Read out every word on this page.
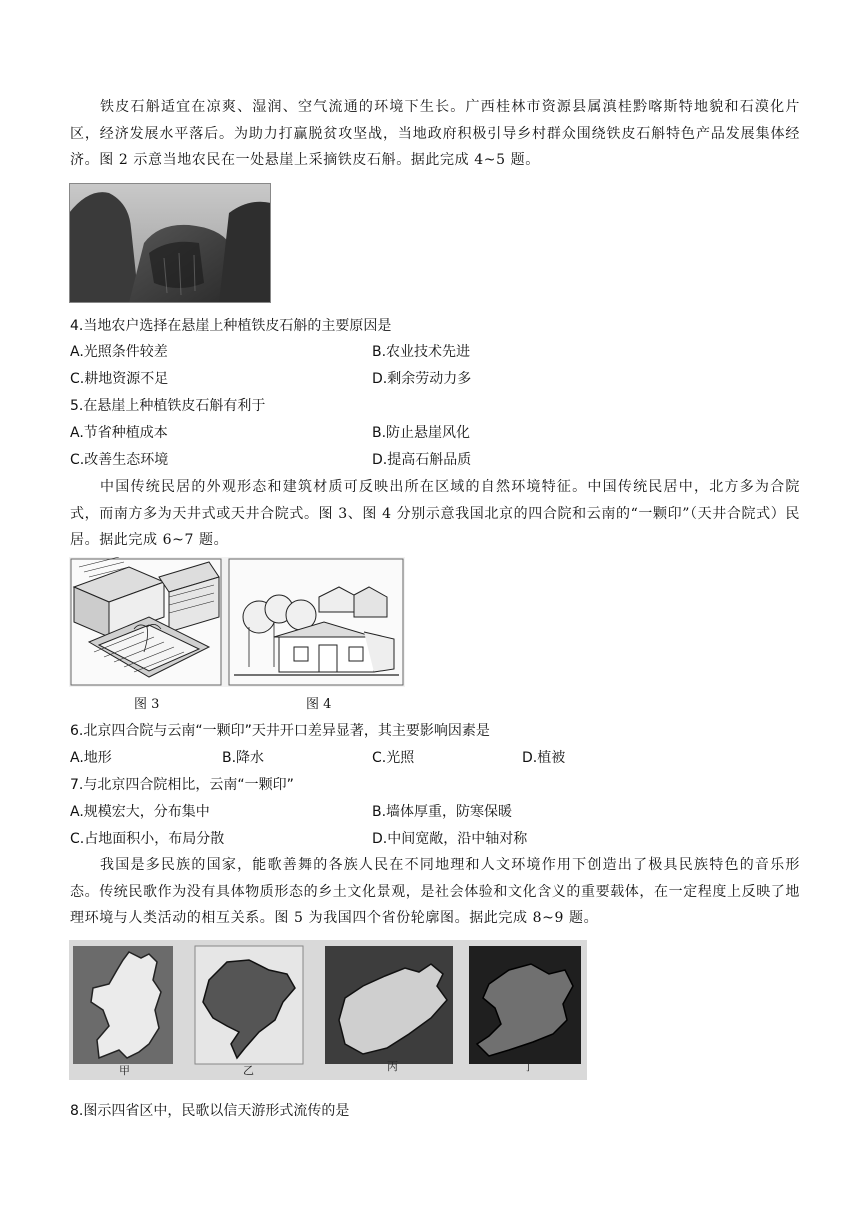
铁皮石斛适宜在凉爽、湿润、空气流通的环境下生长。广西桂林市资源县属滇桂黔喀斯特地貌和石漠化片区，经济发展水平落后。为助力打赢脱贫攻坚战，当地政府积极引导乡村群众围绕铁皮石斛特色产品发展集体经济。图 2 示意当地农民在一处悬崖上采摘铁皮石斛。据此完成 4~5 题。
4.当地农户选择在悬崖上种植铁皮石斛的主要原因是
A.光照条件较差	B.农业技术先进
C.耕地资源不足	D.剩余劳动力多
5.在悬崖上种植铁皮石斛有利于
A.节省种植成本	B.防止悬崖风化
C.改善生态环境	D.提高石斛品质
中国传统民居的外观形态和建筑材质可反映出所在区域的自然环境特征。中国传统民居中，北方多为合院式，而南方多为天井式或天井合院式。图 3、图 4 分别示意我国北京的四合院和云南的“一颗印”（天井合院式）民居。据此完成 6~7 题。
图 3	图 4
6.北京四合院与云南“一颗印”天井开口差异显著，其主要影响因素是
A.地形	B.降水	C.光照	D.植被
7.与北京四合院相比，云南“一颗印”
A.规模宏大，分布集中	B.墙体厚重，防寒保暖
C.占地面积小，布局分散	D.中间宽敞，沿中轴对称
我国是多民族的国家，能歌善舞的各族人民在不同地理和人文环境作用下创造出了极具民族特色的音乐形态。传统民歌作为没有具体物质形态的乡土文化景观，是社会体验和文化含义的重要载体，在一定程度上反映了地理环境与人类活动的相互关系。图 5 为我国四个省份轮廓图。据此完成 8~9 题。
甲	乙	丙	丁
8.图示四省区中，民歌以信天游形式流传的是
